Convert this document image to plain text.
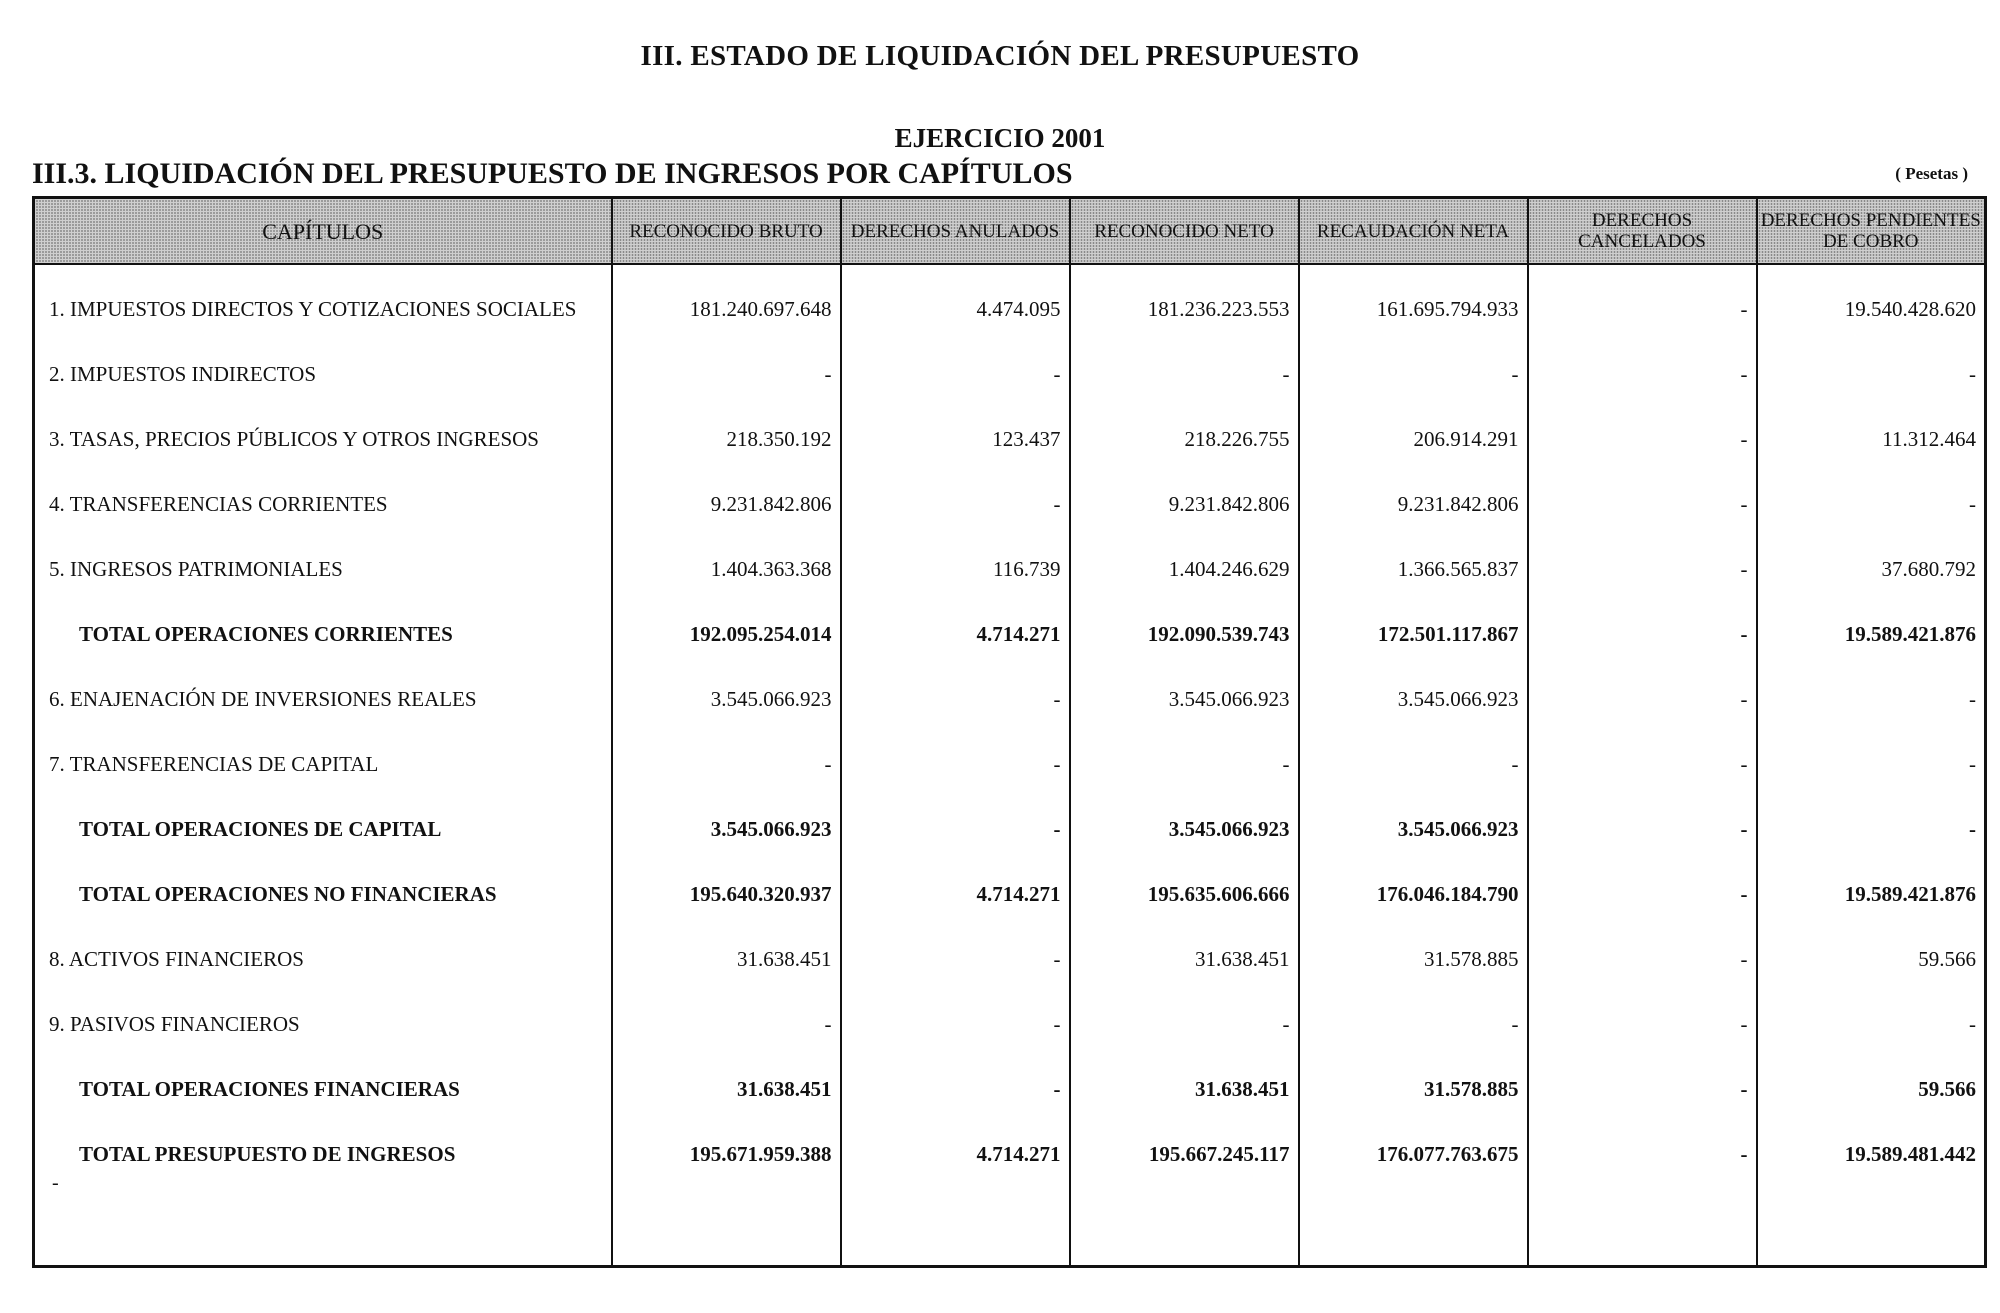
III. ESTADO DE LIQUIDACIÓN DEL PRESUPUESTO
EJERCICIO 2001
III.3. LIQUIDACIÓN DEL PRESUPUESTO DE INGRESOS POR CAPÍTULOS	( Pesetas )
CAPÍTULOS	RECONOCIDO BRUTO	DERECHOS ANULADOS	RECONOCIDO NETO	RECAUDACIÓN NETA	DERECHOS CANCELADOS	DERECHOS PENDIENTES DE COBRO
1. IMPUESTOS DIRECTOS Y COTIZACIONES SOCIALES	181.240.697.648	4.474.095	181.236.223.553	161.695.794.933	-	19.540.428.620
2. IMPUESTOS INDIRECTOS	-	-	-	-	-	-
3. TASAS, PRECIOS PÚBLICOS Y OTROS INGRESOS	218.350.192	123.437	218.226.755	206.914.291	-	11.312.464
4. TRANSFERENCIAS CORRIENTES	9.231.842.806	-	9.231.842.806	9.231.842.806	-	-
5. INGRESOS PATRIMONIALES	1.404.363.368	116.739	1.404.246.629	1.366.565.837	-	37.680.792
TOTAL OPERACIONES CORRIENTES	192.095.254.014	4.714.271	192.090.539.743	172.501.117.867	-	19.589.421.876
6. ENAJENACIÓN DE INVERSIONES REALES	3.545.066.923	-	3.545.066.923	3.545.066.923	-	-
7. TRANSFERENCIAS DE CAPITAL	-	-	-	-	-	-
TOTAL OPERACIONES DE CAPITAL	3.545.066.923	-	3.545.066.923	3.545.066.923	-	-
TOTAL OPERACIONES NO FINANCIERAS	195.640.320.937	4.714.271	195.635.606.666	176.046.184.790	-	19.589.421.876
8. ACTIVOS FINANCIEROS	31.638.451	-	31.638.451	31.578.885	-	59.566
9. PASIVOS FINANCIEROS	-	-	-	-	-	-
TOTAL OPERACIONES FINANCIERAS	31.638.451	-	31.638.451	31.578.885	-	59.566
TOTAL PRESUPUESTO DE INGRESOS	195.671.959.388	4.714.271	195.667.245.117	176.077.763.675	-	19.589.481.442

-
